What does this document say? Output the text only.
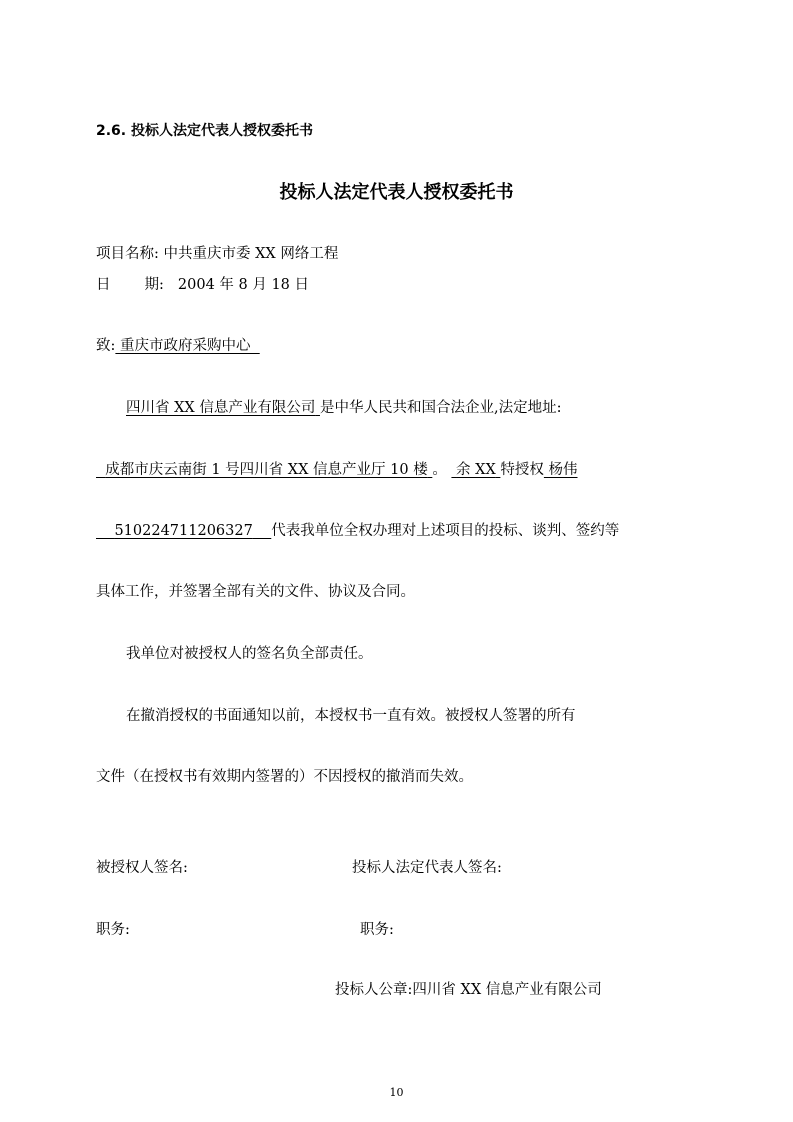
2.6. 投标人法定代表人授权委托书
投标人法定代表人授权委托书
项目名称: 中共重庆市委 XX 网络工程
日 期: 2004 年 8 月 18 日
致: 重庆市政府采购中心
四川省 XX 信息产业有限公司 是中华人民共和国合法企业,法定地址:
成都市庆云南街 1 号四川省 XX 信息产业厅 10 楼 。 余 XX 特授权 杨伟
510224711206327 代表我单位全权办理对上述项目的投标、谈判、签约等
具体工作，并签署全部有关的文件、协议及合同。
我单位对被授权人的签名负全部责任。
在撤消授权的书面通知以前，本授权书一直有效。被授权人签署的所有
文件（在授权书有效期内签署的）不因授权的撤消而失效。
被授权人签名:	投标人法定代表人签名:
职务:	职务:
投标人公章:四川省 XX 信息产业有限公司
10
